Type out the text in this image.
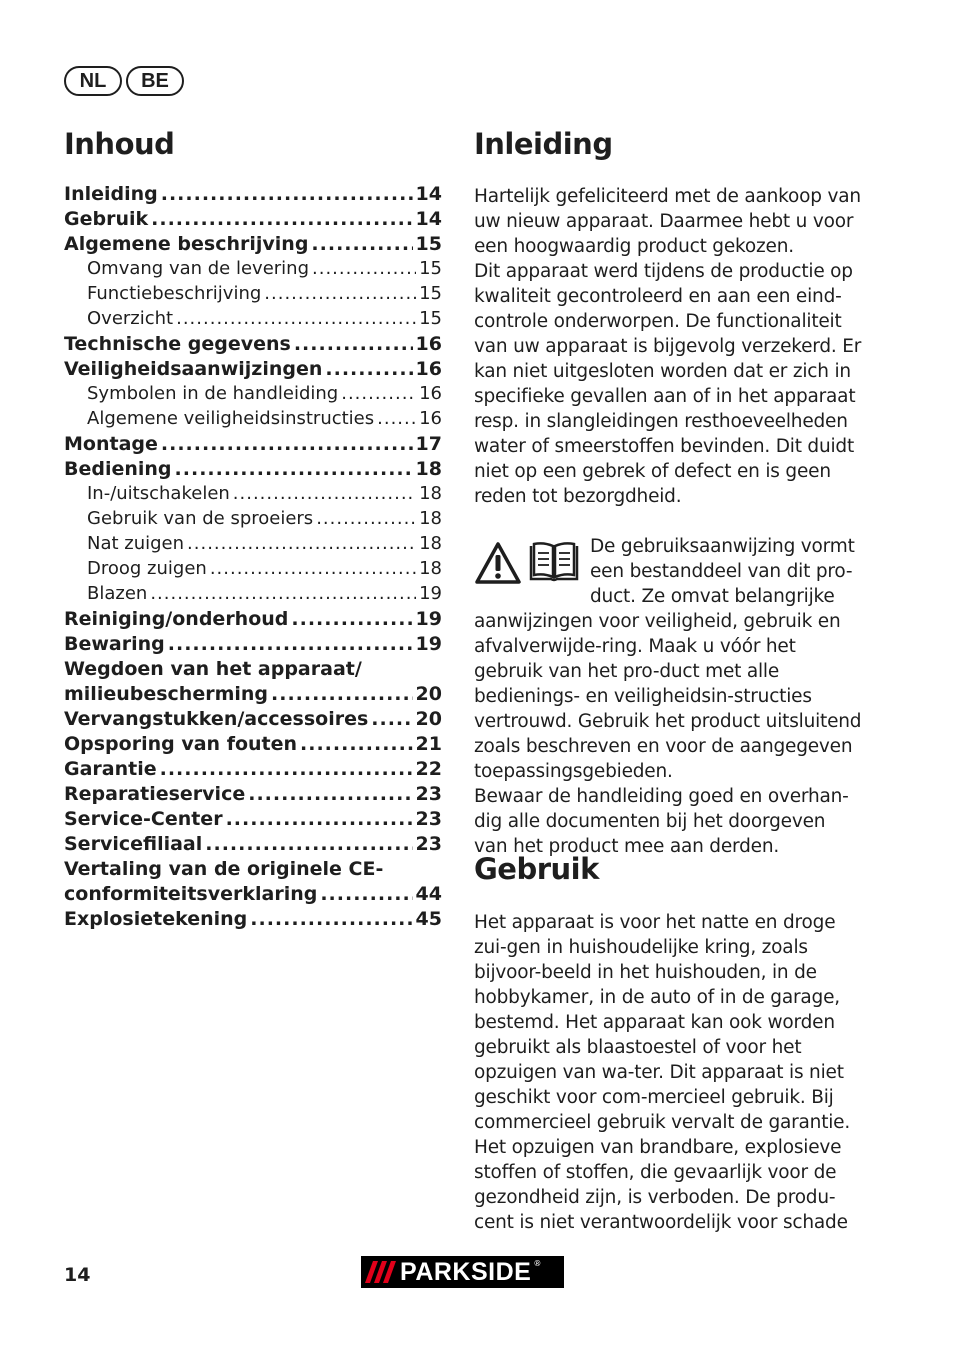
NL	BE
Inhoud
Inleiding .....	14
Gebruik .....	14
Algemene beschrijving .....	15
Omvang van de levering .....	15
Functiebeschrijving .....	15
Overzicht .....	15
Technische gegevens .....	16
Veiligheidsaanwijzingen .....	16
Symbolen in de handleiding .....	16
Algemene veiligheidsinstructies ..... 16
Montage .....	17
Bediening .....	18
In-/uitschakelen .....	18
Gebruik van de sproeiers .....	18
Nat zuigen .....	18
Droog zuigen .....	18
Blazen .....	19
Reiniging/onderhoud .....	19
Bewaring .....	19
Wegdoen van het apparaat/
milieubescherming .....	20
Vervangstukken/accessoires ..... 20
Opsporing van fouten .....	21
Garantie .....	22
Reparatieservice .....	23
Service-Center .....	23
Servicefiliaal .....	23
Vertaling van de originele CE-
conformiteitsverklaring .....	44
Explosietekening .....	45
Inleiding

Hartelijk gefeliciteerd met de aankoop van uw nieuw apparaat. Daarmee hebt u voor een hoogwaardig product gekozen.

Dit apparaat werd tijdens de productie op kwaliteit gecontroleerd en aan een eind-controle onderworpen. De functionaliteit van uw apparaat is bijgevolg verzekerd. Er kan niet uitgesloten worden dat er zich in specifieke gevallen aan of in het apparaat resp. in slangleidingen resthoeveelheden water of smeerstoffen bevinden. Dit duidt niet op een gebrek of defect en is geen reden tot bezorgdheid.

De gebruiksaanwijzing vormt een bestanddeel van dit pro-duct. Ze omvat belangrijke aanwijzingen voor veiligheid, gebruik en afvalverwijde-ring. Maak u vóór het gebruik van het pro-duct met alle bedienings- en veiligheidsin-structies vertrouwd. Gebruik het product uitsluitend zoals beschreven en voor de aangegeven toepassingsgebieden.

Bewaar de handleiding goed en overhan-dig alle documenten bij het doorgeven van het product mee aan derden.

Gebruik

Het apparaat is voor het natte en droge zui-gen in huishoudelijke kring, zoals bijvoor-beeld in het huishouden, in de hobbykamer, in de auto of in de garage, bestemd. Het apparaat kan ook worden gebruikt als blaastoestel of voor het opzuigen van wa-ter. Dit apparaat is niet geschikt voor com-mercieel gebruik. Bij commercieel gebruik vervalt de garantie.

Het opzuigen van brandbare, explosieve stoffen of stoffen, die gevaarlijk voor de gezondheid zijn, is verboden. De produ-cent is niet verantwoordelijk voor schade

14	PARKSIDE ®
